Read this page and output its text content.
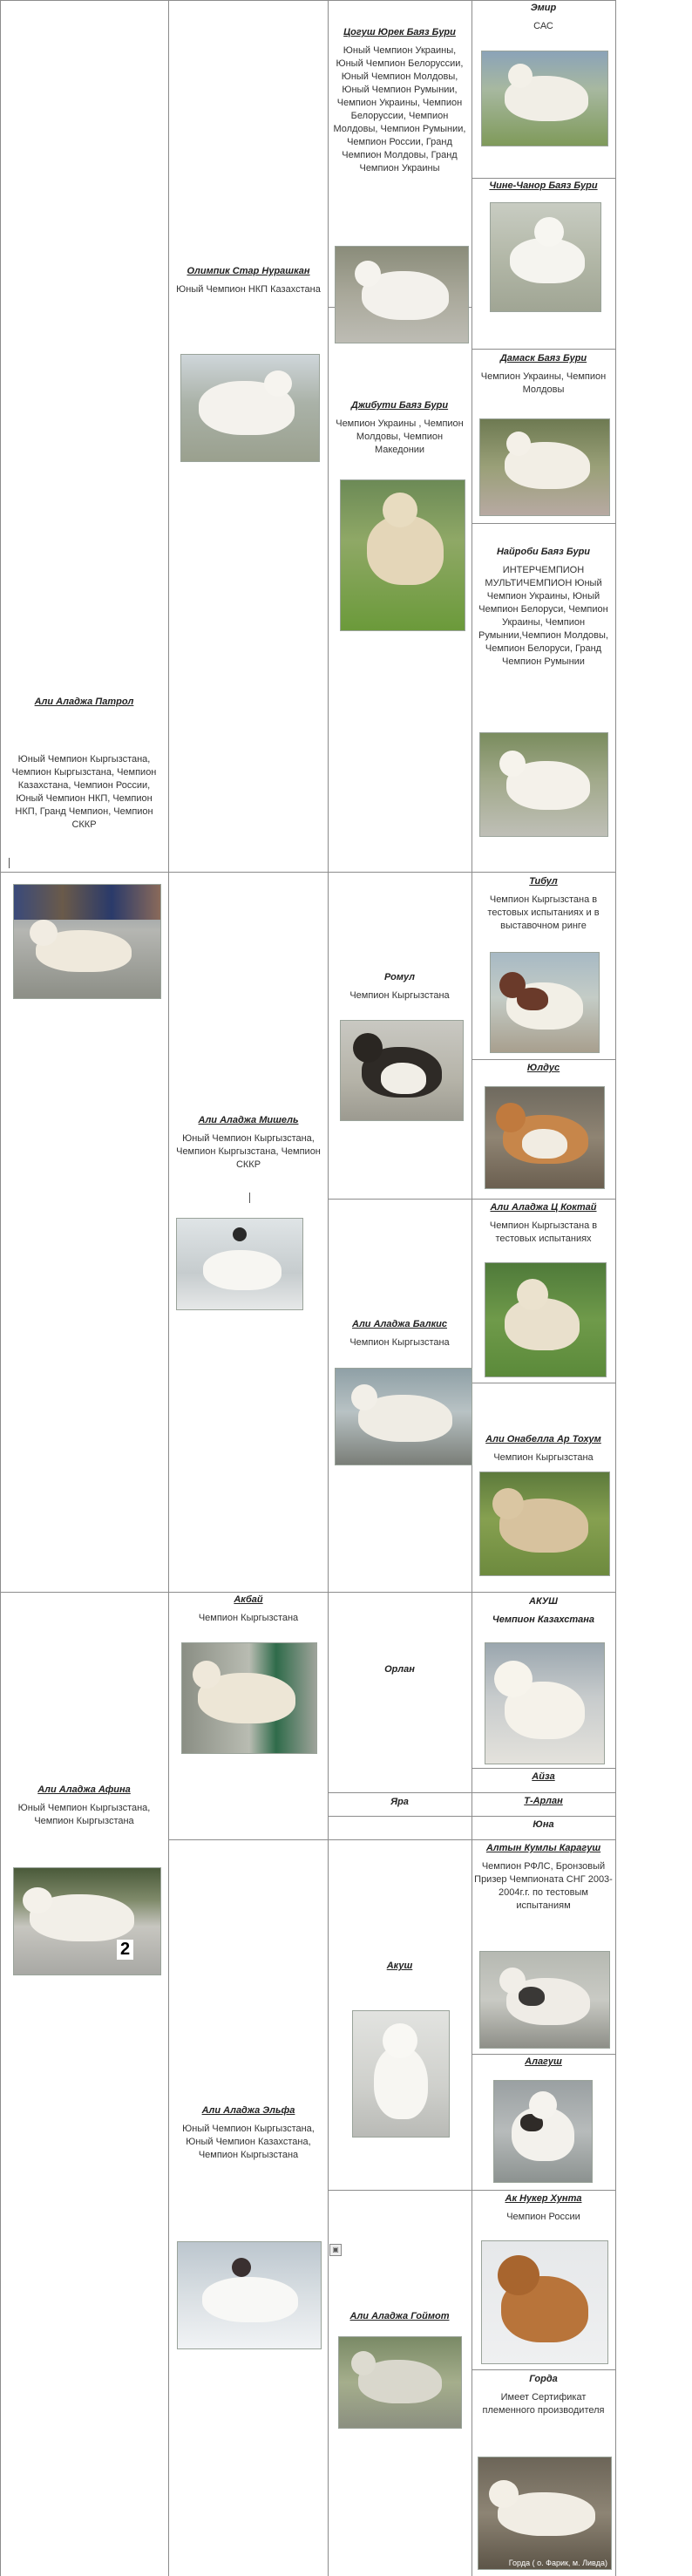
Али Аладжа Патрол
Юный Чемпион Кыргызстана, Чемпион Кыргызстана, Чемпион Казахстана, Чемпион России, Юный Чемпион НКП, Чемпион НКП, Гранд Чемпион, Чемпион СККР
Али Аладжа Афина
Юный Чемпион Кыргызстана, Чемпион Кыргызстана
2
Олимпик Стар Нурашкан
Юный Чемпион НКП Казахстана
Али Аладжа Мишель
Юный Чемпион Кыргызстана, Чемпион Кыргызстана, Чемпион СККР
Акбай
Чемпион Кыргызстана
Али Аладжа Эльфа
Юный Чемпион Кыргызстана, Юный Чемпион Казахстана, Чемпион Кыргызстана
▣
Цогуш Юрек Баяз Бури
Юный Чемпион Украины, Юный Чемпион Белоруссии, Юный Чемпион Молдовы, Юный Чемпион Румынии, Чемпион Украины, Чемпион Белоруссии, Чемпион Молдовы, Чемпион Румынии, Чемпион России, Гранд Чемпион Молдовы, Гранд Чемпион Украины
Джибути Баяз Бури
Чемпион Украины , Чемпион Молдовы, Чемпион Македонии
Ромул
Чемпион Кыргызстана
Али Аладжа Балкис
Чемпион Кыргызстана
Орлан
Яра
Акуш
Али Аладжа Гоймот
Эмир
САС
Чине-Чанор Баяз Бури
Дамаск Баяз Бури
Чемпион Украины, Чемпион Молдовы
Найроби Баяз Бури
ИНТЕРЧЕМПИОН МУЛЬТИЧЕМПИОН Юный Чемпион Украины, Юный Чемпион Белоруси, Чемпион Украины, Чемпион Румынии,Чемпион Молдовы, Чемпион Белоруси, Гранд Чемпион Румынии
Тибул
Чемпион Кыргызстана в тестовых испытаниях и в выставочном ринге
Юлдус
Али Аладжа Ц Коктай
Чемпион Кыргызстана в тестовых испытаниях
Али Онабелла Ар Тохум
Чемпион Кыргызстана
АКУШ
Чемпион Казахстана
Айза
Т-Арлан
Юна
Алтын Кумлы Карагуш
Чемпион РФЛС, Бронзовый Призер Чемпионата СНГ 2003-2004г.г. по тестовым испытаниям
Алагуш
Ак Нукер Хунта
Чемпион России
Горда
Имеет Сертификат племенного производителя
Горда ( о. Фарик, м. Ливда)
